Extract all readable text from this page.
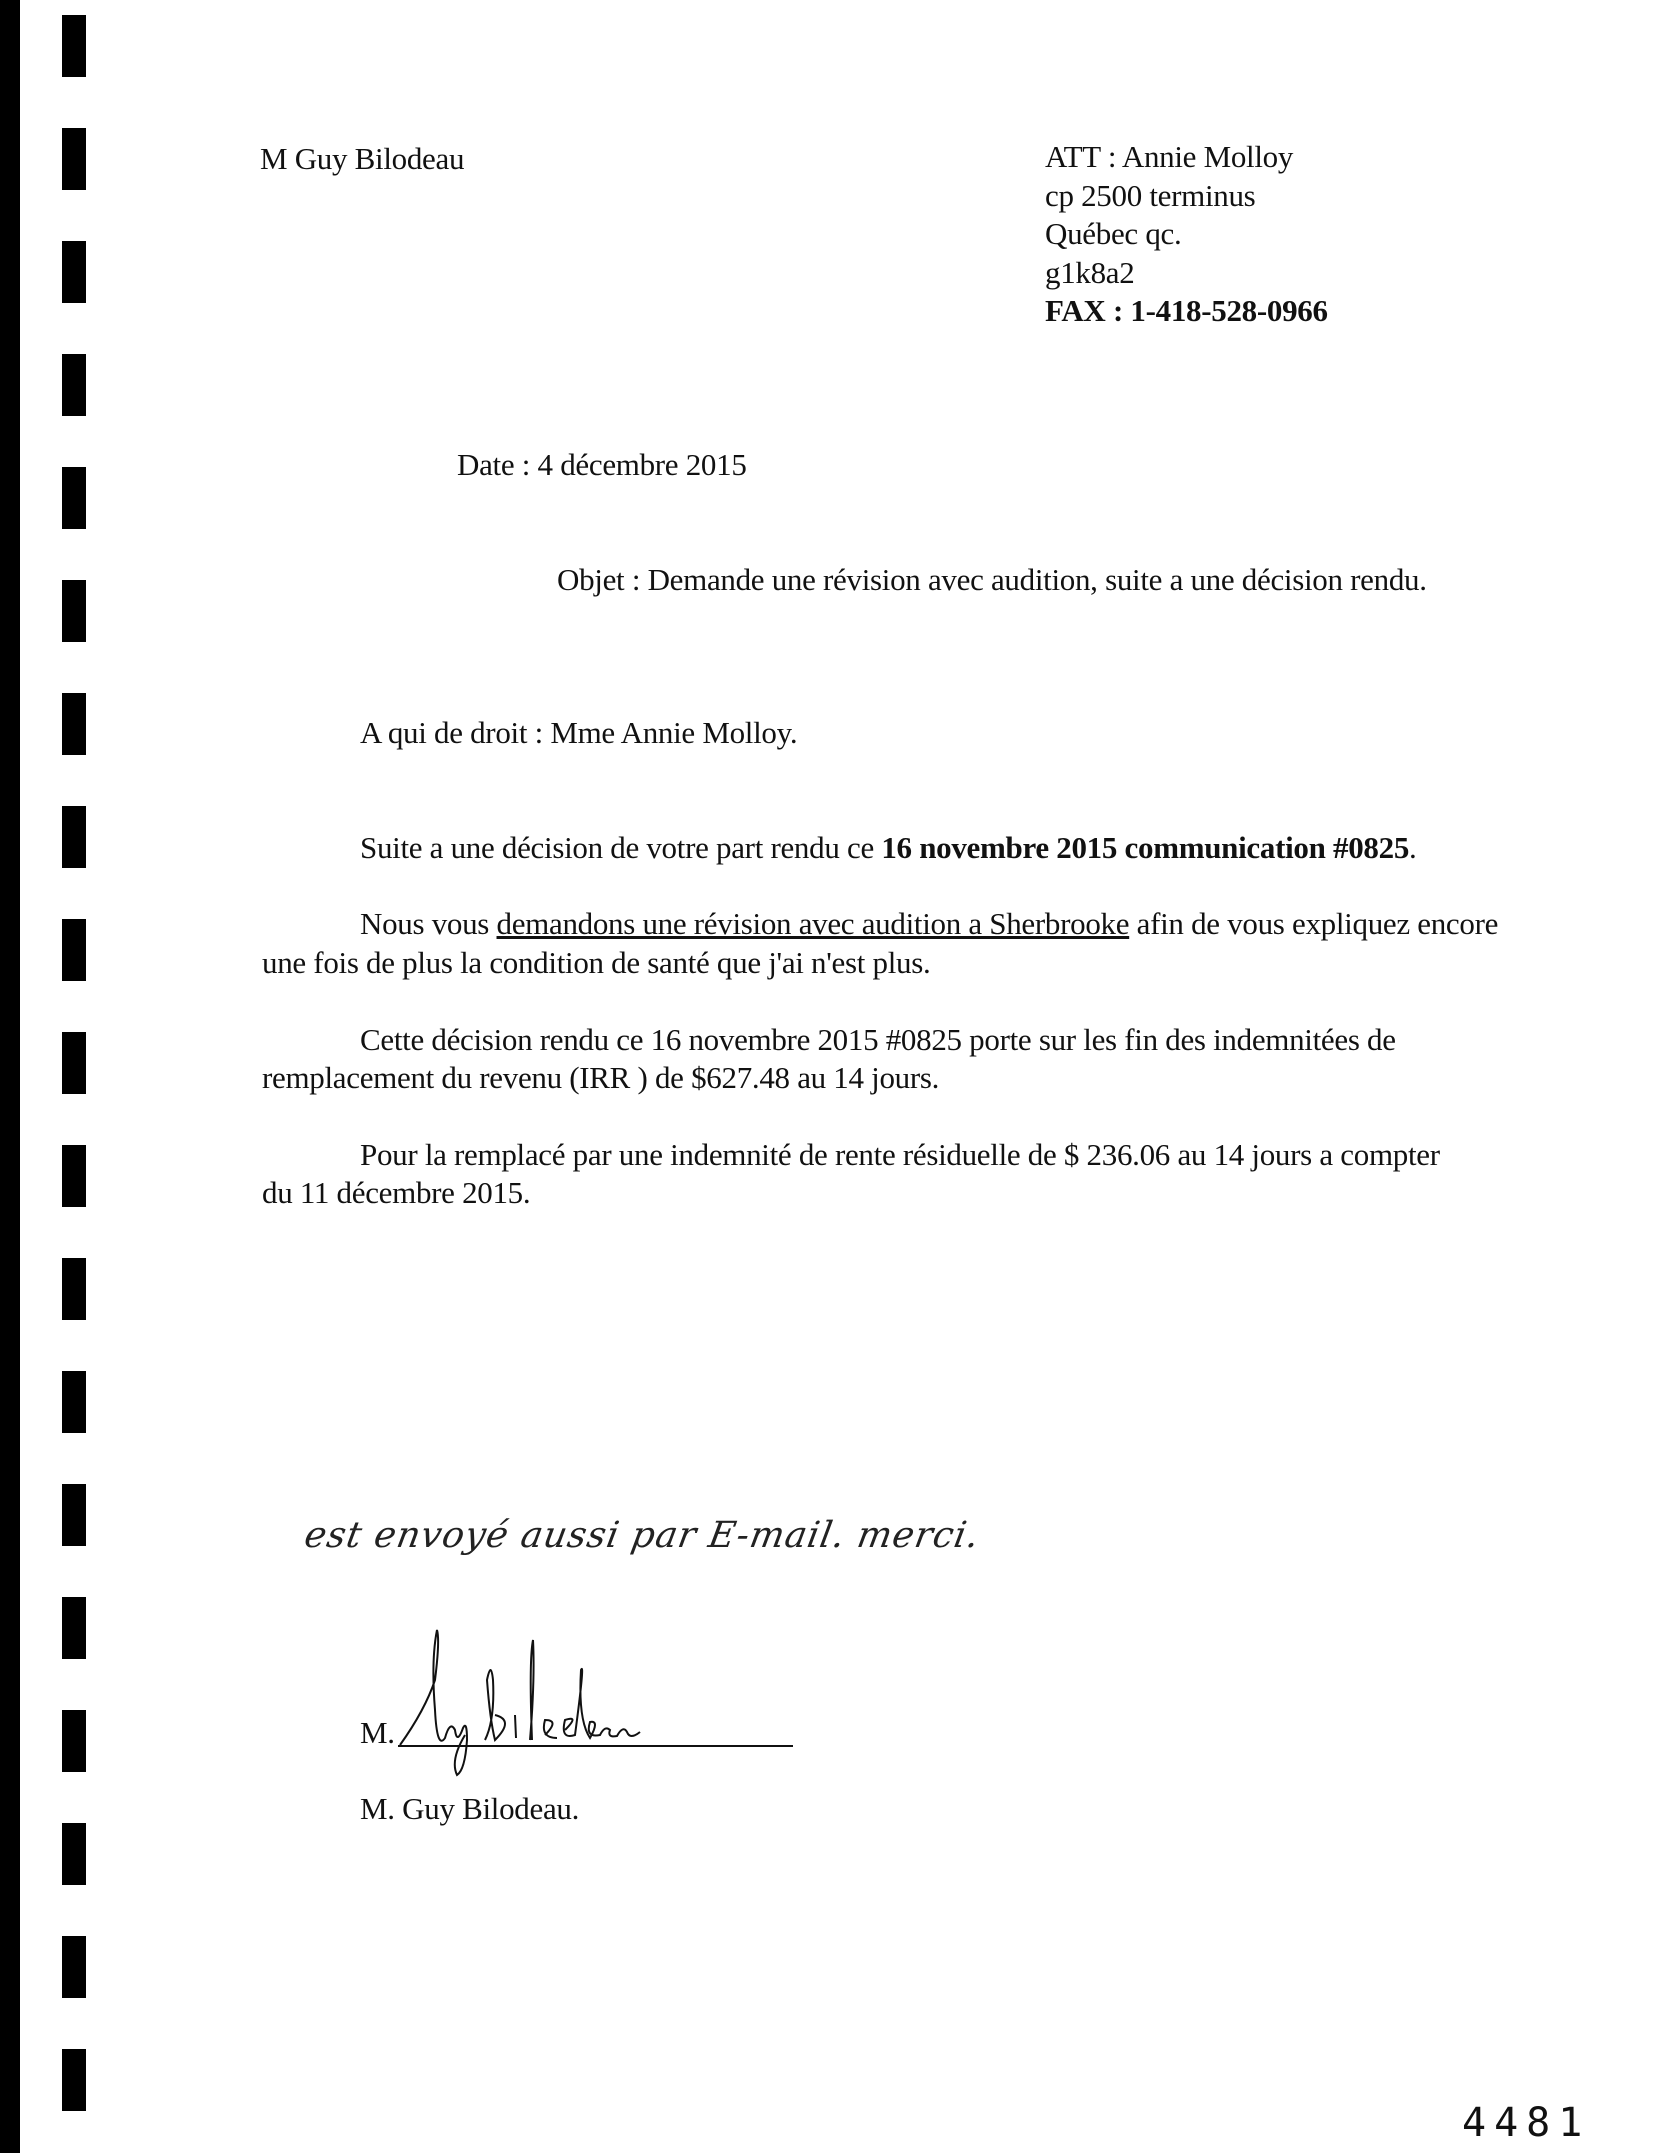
M Guy Bilodeau	ATT : Annie Molloy
cp 2500 terminus
Québec qc.
g1k8a2
FAX : 1-418-528-0966
Date : 4 décembre 2015
Objet : Demande une révision avec audition, suite a une décision rendu.
A qui de droit : Mme Annie Molloy.
Suite a une décision de votre part rendu ce 16 novembre 2015 communication #0825.
Nous vous demandons une révision avec audition a Sherbrooke afin de vous expliquez encore
une fois de plus la condition de santé que j'ai n'est plus.
Cette décision rendu ce 16 novembre 2015 #0825 porte sur les fin des indemnitées de
remplacement du revenu (IRR ) de $627.48 au 14 jours.
Pour la remplacé par une indemnité de rente résiduelle de $ 236.06 au 14 jours a compter
du 11 décembre 2015.
est envoyé aussi par E-mail. merci.
M.
M. Guy Bilodeau.
4481
